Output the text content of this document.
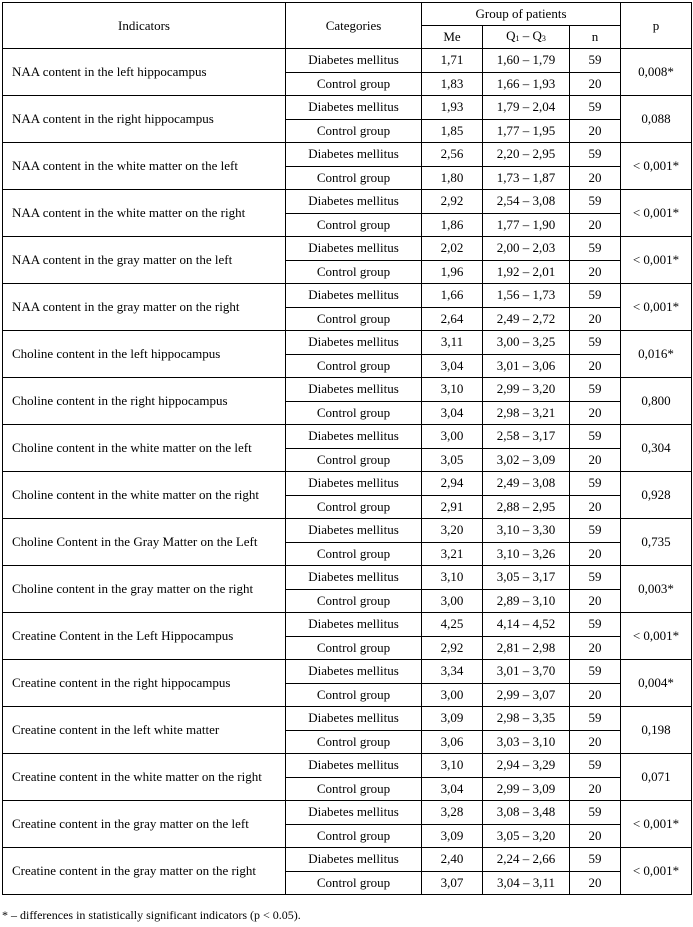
Indicators	Categories	Group of patients			p
		Me	$Q_1 - Q_3$	n	
NAA content in the left hippocampus	Diabetes mellitus	1,71	1,60 – 1,79	59	0,008*
	Control group	1,83	1,66 – 1,93	20	
NAA content in the right hippocampus	Diabetes mellitus	1,93	1,79 – 2,04	59	0,088
	Control group	1,85	1,77 – 1,95	20	
NAA content in the white matter on the left	Diabetes mellitus	2,56	2,20 – 2,95	59	< 0,001*
	Control group	1,80	1,73 – 1,87	20	
NAA content in the white matter on the right	Diabetes mellitus	2,92	2,54 – 3,08	59	< 0,001*
	Control group	1,86	1,77 – 1,90	20	
NAA content in the gray matter on the left	Diabetes mellitus	2,02	2,00 – 2,03	59	< 0,001*
	Control group	1,96	1,92 – 2,01	20	
NAA content in the gray matter on the right	Diabetes mellitus	1,66	1,56 – 1,73	59	< 0,001*
	Control group	2,64	2,49 – 2,72	20	
Choline content in the left hippocampus	Diabetes mellitus	3,11	3,00 – 3,25	59	0,016*
	Control group	3,04	3,01 – 3,06	20	
Choline content in the right hippocampus	Diabetes mellitus	3,10	2,99 – 3,20	59	0,800
	Control group	3,04	2,98 – 3,21	20	
Choline content in the white matter on the left	Diabetes mellitus	3,00	2,58 – 3,17	59	0,304
	Control group	3,05	3,02 – 3,09	20	
Choline content in the white matter on the right	Diabetes mellitus	2,94	2,49 – 3,08	59	0,928
	Control group	2,91	2,88 – 2,95	20	
Choline Content in the Gray Matter on the Left	Diabetes mellitus	3,20	3,10 – 3,30	59	0,735
	Control group	3,21	3,10 – 3,26	20	
Choline content in the gray matter on the right	Diabetes mellitus	3,10	3,05 – 3,17	59	0,003*
	Control group	3,00	2,89 – 3,10	20	
Creatine Content in the Left Hippocampus	Diabetes mellitus	4,25	4,14 – 4,52	59	< 0,001*
	Control group	2,92	2,81 – 2,98	20	
Creatine content in the right hippocampus	Diabetes mellitus	3,34	3,01 – 3,70	59	0,004*
	Control group	3,00	2,99 – 3,07	20	
Creatine content in the left white matter	Diabetes mellitus	3,09	2,98 – 3,35	59	0,198
	Control group	3,06	3,03 – 3,10	20	
Creatine content in the white matter on the right	Diabetes mellitus	3,10	2,94 – 3,29	59	0,071
	Control group	3,04	2,99 – 3,09	20	
Creatine content in the gray matter on the left	Diabetes mellitus	3,28	3,08 – 3,48	59	< 0,001*
	Control group	3,09	3,05 – 3,20	20	
Creatine content in the gray matter on the right	Diabetes mellitus	2,40	2,24 – 2,66	59	< 0,001*
	Control group	3,07	3,04 – 3,11	20	
* – differences in statistically significant indicators (p < 0.05).
